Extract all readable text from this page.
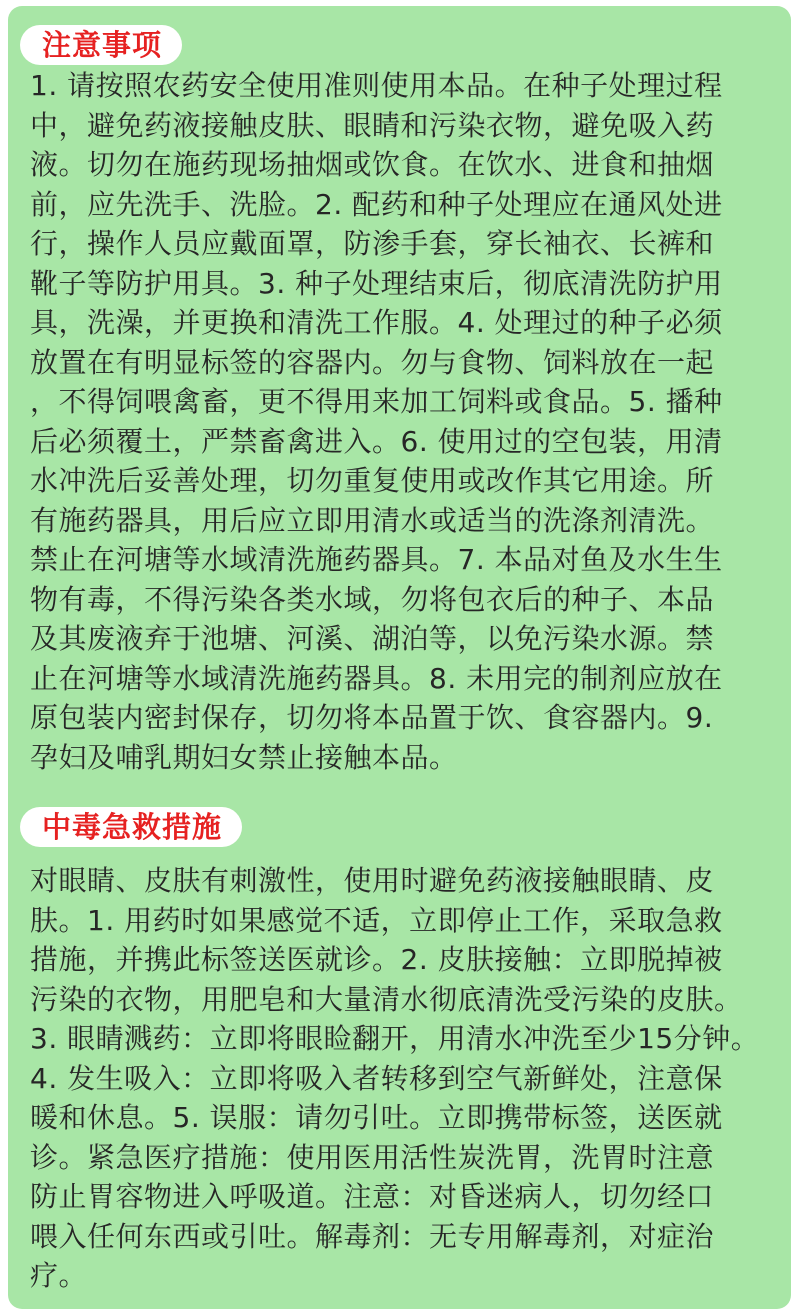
注意事项
1. 请按照农药安全使用准则使用本品。在种子处理过程
中，避免药液接触皮肤、眼睛和污染衣物，避免吸入药
液。切勿在施药现场抽烟或饮食。在饮水、进食和抽烟
前，应先洗手、洗脸。2. 配药和种子处理应在通风处进
行，操作人员应戴面罩，防渗手套，穿长袖衣、长裤和
靴子等防护用具。3. 种子处理结束后，彻底清洗防护用
具，洗澡，并更换和清洗工作服。4. 处理过的种子必须
放置在有明显标签的容器内。勿与食物、饲料放在一起
，不得饲喂禽畜，更不得用来加工饲料或食品。5. 播种
后必须覆土，严禁畜禽进入。6. 使用过的空包装，用清
水冲洗后妥善处理，切勿重复使用或改作其它用途。所
有施药器具，用后应立即用清水或适当的洗涤剂清洗。
禁止在河塘等水域清洗施药器具。7. 本品对鱼及水生生
物有毒，不得污染各类水域，勿将包衣后的种子、本品
及其废液弃于池塘、河溪、湖泊等，以免污染水源。禁
止在河塘等水域清洗施药器具。8. 未用完的制剂应放在
原包装内密封保存，切勿将本品置于饮、食容器内。9.
孕妇及哺乳期妇女禁止接触本品。
中毒急救措施
对眼睛、皮肤有刺激性，使用时避免药液接触眼睛、皮
肤。1. 用药时如果感觉不适，立即停止工作，采取急救
措施，并携此标签送医就诊。2. 皮肤接触：立即脱掉被
污染的衣物，用肥皂和大量清水彻底清洗受污染的皮肤。
3. 眼睛溅药：立即将眼睑翻开，用清水冲洗至少15分钟。
4. 发生吸入：立即将吸入者转移到空气新鲜处，注意保
暖和休息。5. 误服：请勿引吐。立即携带标签，送医就
诊。紧急医疗措施：使用医用活性炭洗胃，洗胃时注意
防止胃容物进入呼吸道。注意：对昏迷病人，切勿经口
喂入任何东西或引吐。解毒剂：无专用解毒剂，对症治
疗。
